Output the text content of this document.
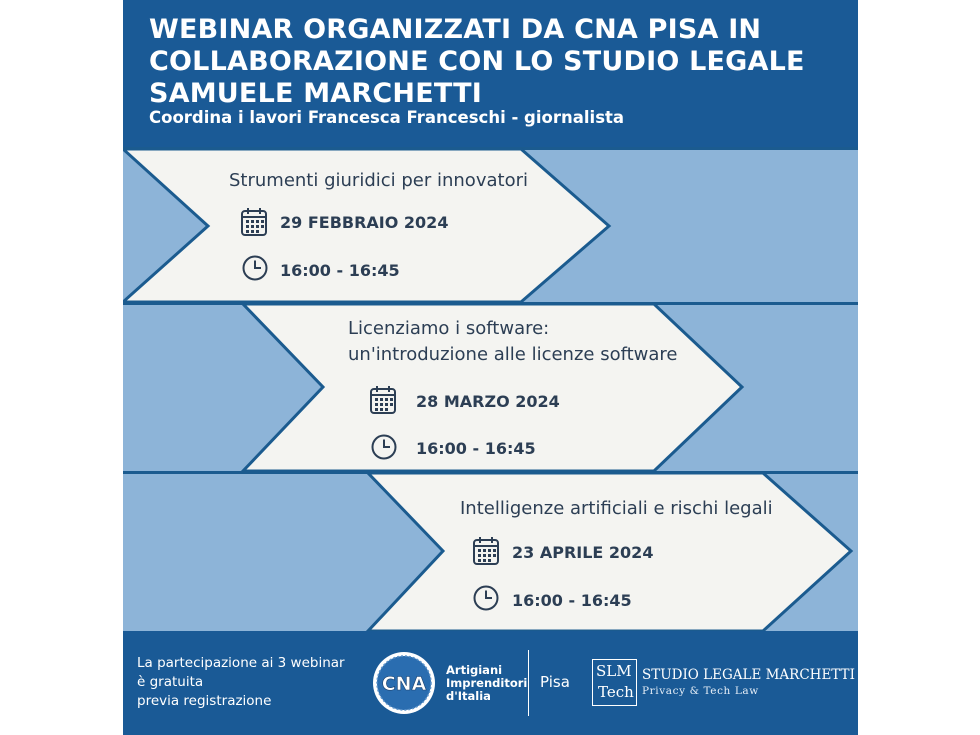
WEBINAR ORGANIZZATI DA CNA PISA IN
COLLABORAZIONE CON LO STUDIO LEGALE
SAMUELE MARCHETTI
Coordina i lavori Francesca Franceschi - giornalista
Strumenti giuridici per innovatori
29 FEBBRAIO 2024
16:00 - 16:45
Licenziamo i software:
un'introduzione alle licenze software
28 MARZO 2024
16:00 - 16:45
Intelligenze artificiali e rischi legali
23 APRILE 2024
16:00 - 16:45
La partecipazione ai 3 webinar
è gratuita
previa registrazione
CNA
Artigiani
Imprenditori
d'Italia
Pisa
SLM
Tech
STUDIO LEGALE MARCHETTI
Privacy & Tech Law
